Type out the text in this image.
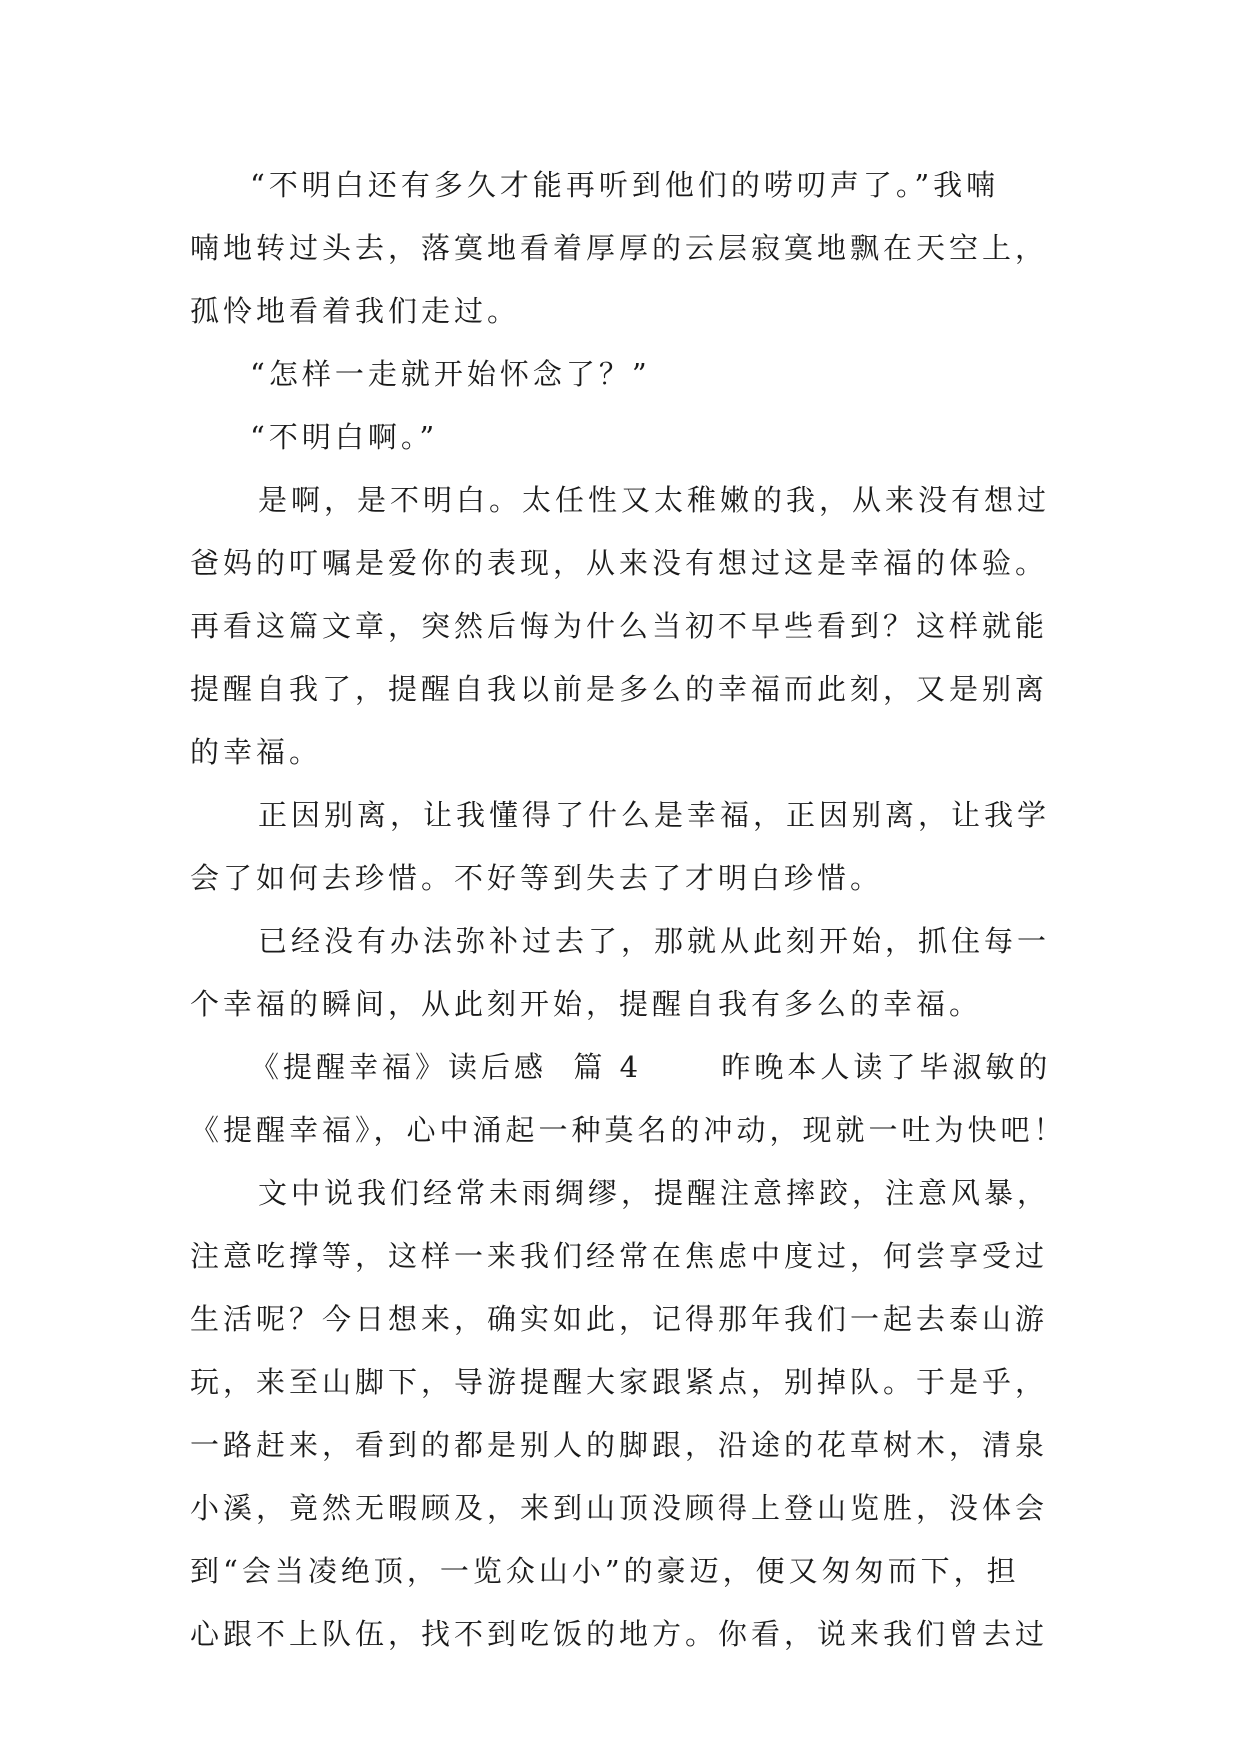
“不明白还有多久才能再听到他们的唠叨声了。”我喃
喃地转过头去，落寞地看着厚厚的云层寂寞地飘在天空上，
孤怜地看着我们走过。
“怎样一走就开始怀念了？”
“不明白啊。”
是啊，是不明白。太任性又太稚嫩的我，从来没有想过
爸妈的叮嘱是爱你的表现，从来没有想过这是幸福的体验。
再看这篇文章，突然后悔为什么当初不早些看到？这样就能
提醒自我了，提醒自我以前是多么的幸福而此刻，又是别离
的幸福。
正因别离，让我懂得了什么是幸福，正因别离，让我学
会了如何去珍惜。不好等到失去了才明白珍惜。
已经没有办法弥补过去了，那就从此刻开始，抓住每一
个幸福的瞬间，从此刻开始，提醒自我有多么的幸福。
《提醒幸福》读后感  篇 4      昨晚本人读了毕淑敏的
《提醒幸福》，心中涌起一种莫名的冲动，现就一吐为快吧！
文中说我们经常未雨绸缪，提醒注意摔跤，注意风暴，
注意吃撑等，这样一来我们经常在焦虑中度过，何尝享受过
生活呢？今日想来，确实如此，记得那年我们一起去泰山游
玩，来至山脚下，导游提醒大家跟紧点，别掉队。于是乎，
一路赶来，看到的都是别人的脚跟，沿途的花草树木，清泉
小溪，竟然无暇顾及，来到山顶没顾得上登山览胜，没体会
到“会当凌绝顶，一览众山小”的豪迈，便又匆匆而下，担
心跟不上队伍，找不到吃饭的地方。你看，说来我们曾去过
